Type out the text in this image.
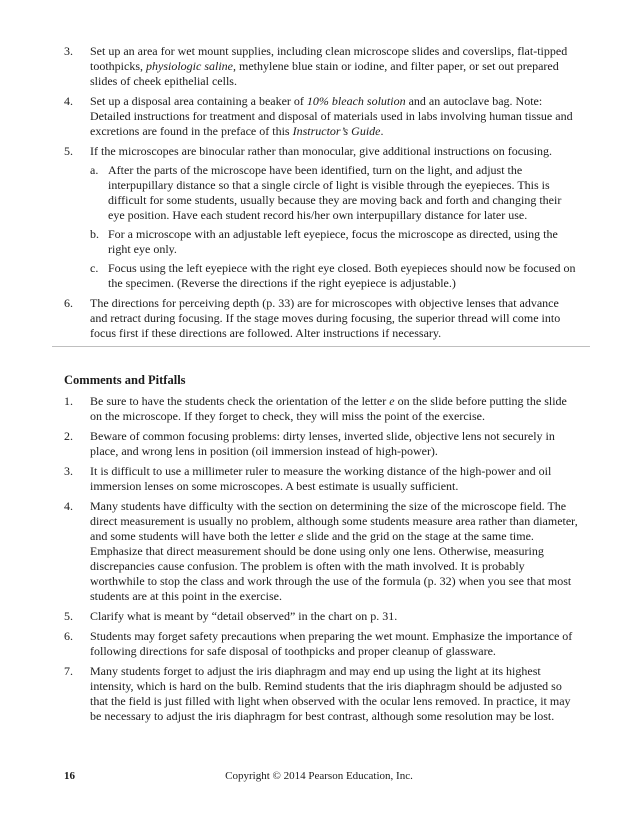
3.	Set up an area for wet mount supplies, including clean microscope slides and coverslips, flat-tipped toothpicks, physiologic saline, methylene blue stain or iodine, and filter paper, or set out prepared slides of cheek epithelial cells.
4.	Set up a disposal area containing a beaker of 10% bleach solution and an autoclave bag. Note: Detailed instructions for treatment and disposal of materials used in labs involving human tissue and excretions are found in the preface of this Instructor’s Guide.
5.	If the microscopes are binocular rather than monocular, give additional instructions on focusing.
a. After the parts of the microscope have been identified, turn on the light, and adjust the interpupillary distance so that a single circle of light is visible through the eyepieces. This is difficult for some students, usually because they are moving back and forth and changing their eye position. Have each student record his/her own interpupillary distance for later use.
b. For a microscope with an adjustable left eyepiece, focus the microscope as directed, using the right eye only.
c. Focus using the left eyepiece with the right eye closed. Both eyepieces should now be focused on the specimen. (Reverse the directions if the right eyepiece is adjustable.)
6.	The directions for perceiving depth (p. 33) are for microscopes with objective lenses that advance and retract during focusing. If the stage moves during focusing, the superior thread will come into focus first if these directions are followed. Alter instructions if necessary.
Comments and Pitfalls
1.	Be sure to have the students check the orientation of the letter e on the slide before putting the slide on the microscope. If they forget to check, they will miss the point of the exercise.
2.	Beware of common focusing problems: dirty lenses, inverted slide, objective lens not securely in place, and wrong lens in position (oil immersion instead of high-power).
3.	It is difficult to use a millimeter ruler to measure the working distance of the high-power and oil immersion lenses on some microscopes. A best estimate is usually sufficient.
4.	Many students have difficulty with the section on determining the size of the microscope field. The direct measurement is usually no problem, although some students measure area rather than diameter, and some students will have both the letter e slide and the grid on the stage at the same time. Emphasize that direct measurement should be done using only one lens. Otherwise, measuring discrepancies cause confusion. The problem is often with the math involved. It is probably worthwhile to stop the class and work through the use of the formula (p. 32) when you see that most students are at this point in the exercise.
5.	Clarify what is meant by “detail observed” in the chart on p. 31.
6.	Students may forget safety precautions when preparing the wet mount. Emphasize the importance of following directions for safe disposal of toothpicks and proper cleanup of glassware.
7.	Many students forget to adjust the iris diaphragm and may end up using the light at its highest intensity, which is hard on the bulb. Remind students that the iris diaphragm should be adjusted so that the field is just filled with light when observed with the ocular lens removed. In practice, it may be necessary to adjust the iris diaphragm for best contrast, although some resolution may be lost.
Copyright © 2014 Pearson Education, Inc.
16
